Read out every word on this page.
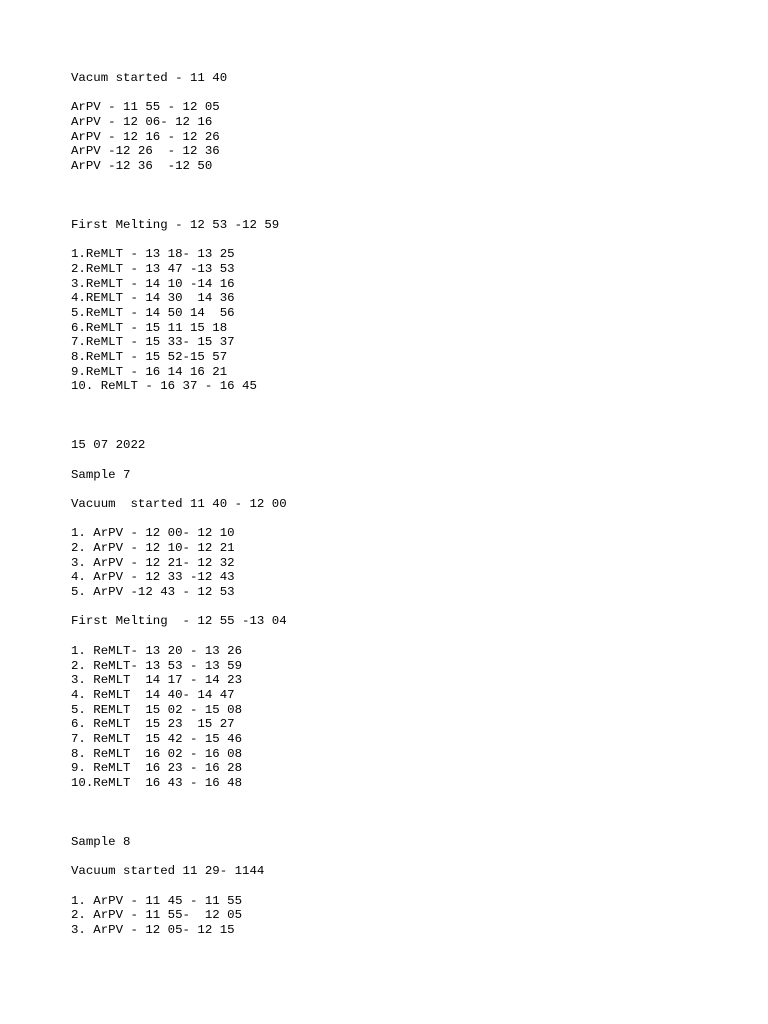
Vacum started - 11 40
ArPV - 11 55 - 12 05
ArPV - 12 06- 12 16
ArPV - 12 16 - 12 26
ArPV -12 26  - 12 36
ArPV -12 36  -12 50
First Melting - 12 53 -12 59
1.ReMLT - 13 18- 13 25
2.ReMLT - 13 47 -13 53
3.ReMLT - 14 10 -14 16
4.REMLT - 14 30  14 36
5.ReMLT - 14 50 14  56
6.ReMLT - 15 11 15 18
7.ReMLT - 15 33- 15 37
8.ReMLT - 15 52-15 57
9.ReMLT - 16 14 16 21
10. ReMLT - 16 37 - 16 45
15 07 2022
Sample 7
Vacuum  started 11 40 - 12 00
1. ArPV - 12 00- 12 10
2. ArPV - 12 10- 12 21
3. ArPV - 12 21- 12 32
4. ArPV - 12 33 -12 43
5. ArPV -12 43 - 12 53
First Melting  - 12 55 -13 04
1. ReMLT- 13 20 - 13 26
2. ReMLT- 13 53 - 13 59
3. ReMLT  14 17 - 14 23
4. ReMLT  14 40- 14 47
5. REMLT  15 02 - 15 08
6. ReMLT  15 23  15 27
7. ReMLT  15 42 - 15 46
8. ReMLT  16 02 - 16 08
9. ReMLT  16 23 - 16 28
10.ReMLT  16 43 - 16 48
Sample 8
Vacuum started 11 29- 1144
1. ArPV - 11 45 - 11 55
2. ArPV - 11 55-  12 05
3. ArPV - 12 05- 12 15
